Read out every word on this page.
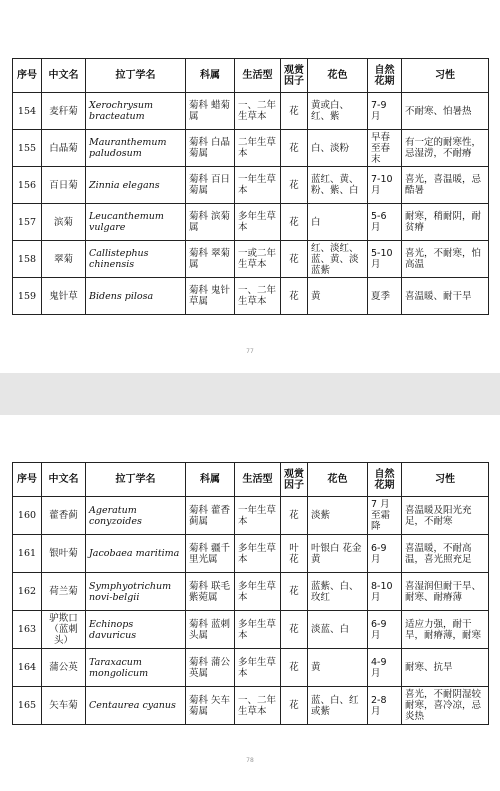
序号	中文名	拉丁学名	科属	生活型	观赏因子	花色	自然花期	习性
154	麦秆菊	Xerochrysum bracteatum	菊科 蜡菊属	一、二年生草本	花	黄或白、红、紫	7-9 月	不耐寒、怕暑热
155	白晶菊	Mauranthemum paludosum	菊科 白晶菊属	二年生草本	花	白、淡粉	早春至春末	有一定的耐寒性，忌湿涝，不耐瘠
156	百日菊	Zinnia elegans	菊科 百日菊属	一年生草本	花	蓝红、黄、粉、紫、白	7-10 月	喜光，喜温暖，忌酷暑
157	滨菊	Leucanthemum vulgare	菊科 滨菊属	多年生草本	花	白	5-6 月	耐寒，稍耐阴，耐贫瘠
158	翠菊	Callistephus chinensis	菊科 翠菊属	一或二年生草本	花	红、淡红、蓝、黄、淡蓝紫	5-10 月	喜光，不耐寒，怕高温
159	鬼针草	Bidens pilosa	菊科 鬼针草属	一、二年生草本	花	黄	夏季	喜温暖、耐干旱
77
序号	中文名	拉丁学名	科属	生活型	观赏因子	花色	自然花期	习性
160	藿香蓟	Ageratum conyzoides	菊科 藿香蓟属	一年生草本	花	淡紫	7 月至霜降	喜温暖及阳光充足，不耐寒
161	银叶菊	Jacobaea maritima	菊科 疆千里光属	多年生草本	叶 花	叶银白 花金黄	6-9 月	喜温暖，不耐高温，喜光照充足
162	荷兰菊	Symphyotrichum novi-belgii	菊科 联毛紫菀属	多年生草本	花	蓝紫、白、玫红	8-10 月	喜湿润但耐干旱、耐寒、耐瘠薄
163	驴欺口（蓝刺头）	Echinops davuricus	菊科 蓝刺头属	多年生草本	花	淡蓝、白	6-9 月	适应力强，耐干旱，耐瘠薄，耐寒
164	蒲公英	Taraxacum mongolicum	菊科 蒲公英属	多年生草本	花	黄	4-9 月	耐寒、抗旱
165	矢车菊	Centaurea cyanus	菊科 矢车菊属	一、二年生草本	花	蓝、白、红或紫	2-8 月	喜光，不耐阴湿较耐寒，喜冷凉，忌炎热
78
